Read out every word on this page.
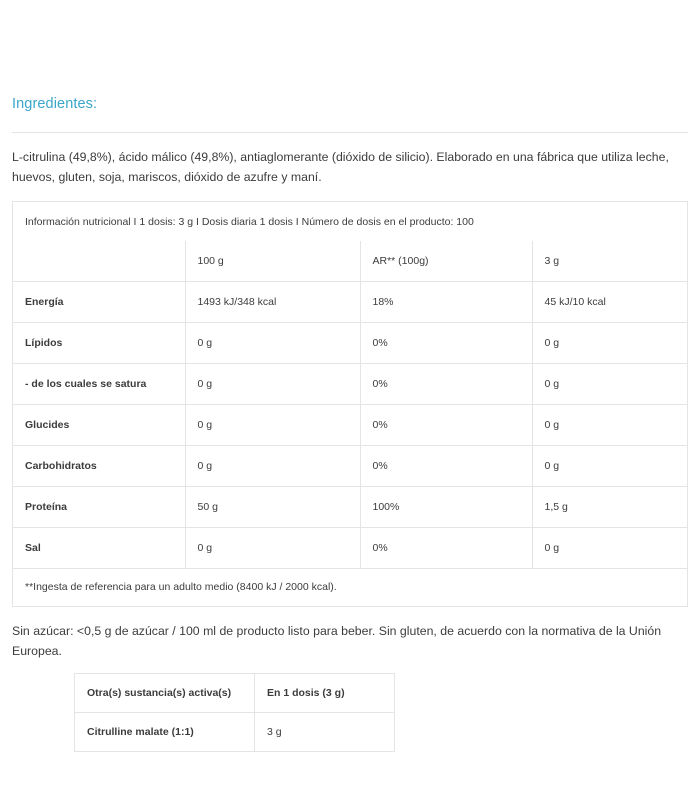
Ingredientes:

L-citrulina (49,8%), ácido málico (49,8%), antiaglomerante (dióxido de silicio). Elaborado en una fábrica que utiliza leche, huevos, gluten, soja, mariscos, dióxido de azufre y maní.

Información nutricional I 1 dosis: 3 g I Dosis diaria 1 dosis I Número de dosis en el producto: 100
	100 g	AR** (100g)	3 g
Energía	1493 kJ/348 kcal	18%	45 kJ/10 kcal
Lípidos	0 g	0%	0 g
- de los cuales se satura	0 g	0%	0 g
Glucides	0 g	0%	0 g
Carbohidratos	0 g	0%	0 g
Proteína	50 g	100%	1,5 g
Sal	0 g	0%	0 g
**Ingesta de referencia para un adulto medio (8400 kJ / 2000 kcal).

Sin azúcar: <0,5 g de azúcar / 100 ml de producto listo para beber. Sin gluten, de acuerdo con la normativa de la Unión Europea.

Otra(s) sustancia(s) activa(s)	En 1 dosis (3 g)
Citrulline malate (1:1)	3 g
